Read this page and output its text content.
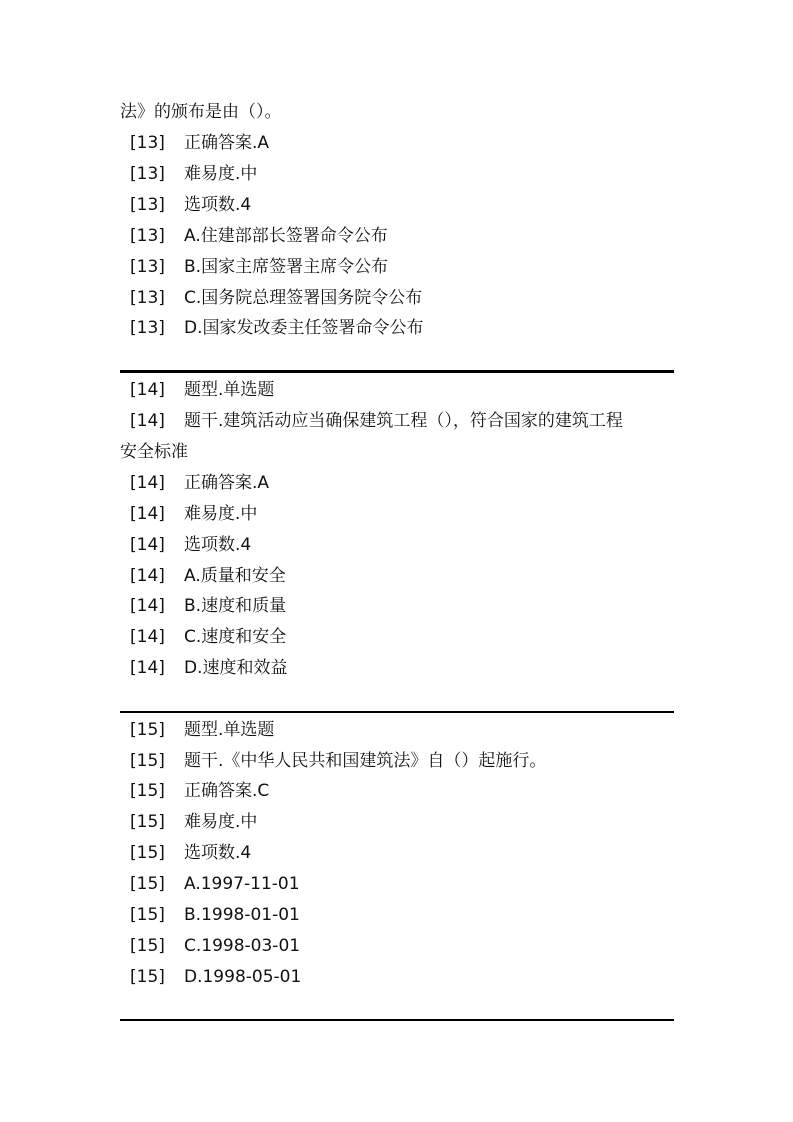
法》的颁布是由（）。
[13] 正确答案.A
[13] 难易度.中
[13] 选项数.4
[13] A.住建部部长签署命令公布
[13] B.国家主席签署主席令公布
[13] C.国务院总理签署国务院令公布
[13] D.国家发改委主任签署命令公布
[14] 题型.单选题
[14] 题干.建筑活动应当确保建筑工程（），符合国家的建筑工程
安全标准
[14] 正确答案.A
[14] 难易度.中
[14] 选项数.4
[14] A.质量和安全
[14] B.速度和质量
[14] C.速度和安全
[14] D.速度和效益
[15] 题型.单选题
[15] 题干.《中华人民共和国建筑法》自（）起施行。
[15] 正确答案.C
[15] 难易度.中
[15] 选项数.4
[15] A.1997-11-01
[15] B.1998-01-01
[15] C.1998-03-01
[15] D.1998-05-01
